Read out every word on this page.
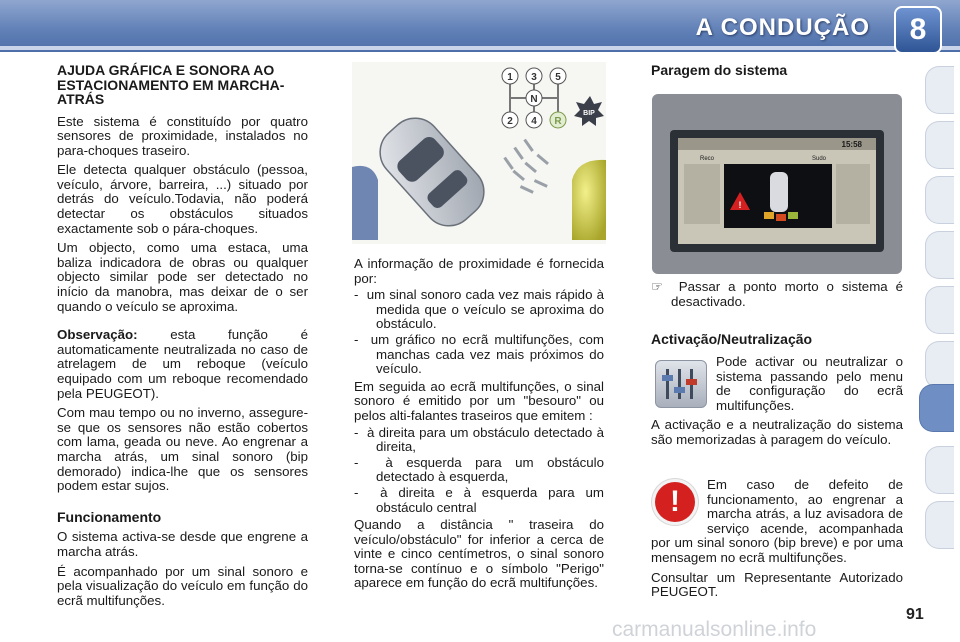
A CONDUÇÃO	8
AJUDA GRÁFICA E SONORA AO ESTACIONAMENTO EM MARCHA-ATRÁS

Este sistema é constituído por quatro sensores de proximidade, instalados no para-choques traseiro.

Ele detecta qualquer obstáculo (pessoa, veículo, árvore, barreira, ...) situado por detrás do veículo.Todavia, não poderá detectar os obstáculos situados exactamente sob o pára-choques.

Um objecto, como uma estaca, uma baliza indicadora de obras ou qualquer objecto similar pode ser detectado no início da manobra, mas deixar de o ser quando o veículo se aproxima.

Observação: esta função é automaticamente neutralizada no caso de atrelagem de um reboque (veículo equipado com um reboque recomendado pela PEUGEOT).

Com mau tempo ou no inverno, assegure-se que os sensores não estão cobertos com lama, geada ou neve. Ao engrenar a marcha atrás, um sinal sonoro (bip demorado) indica-lhe que os sensores podem estar sujos.

Funcionamento

O sistema activa-se desde que engrene a marcha atrás.

É acompanhado por um sinal sonoro e pela visualização do veículo em função do ecrã multifunções.

1 3 5
N
2 4 R
BIP

A informação de proximidade é fornecida por:

-  um sinal sonoro cada vez mais rápido à medida que o veículo se aproxima do obstáculo.
-  um gráfico no ecrã multifunções, com manchas cada vez mais próximos do veículo.

Em seguida ao ecrã multifunções, o sinal sonoro é emitido por um "besouro" ou pelos alti-falantes traseiros que emitem :

-  à direita para um obstáculo detectado à direita,
-  à esquerda para um obstáculo detectado à esquerda,
-  à direita e à esquerda para um obstáculo central

Quando a distância " traseira do veículo/obstáculo" for inferior a cerca de vinte e cinco centímetros, o sinal sonoro torna-se contínuo e o símbolo "Perigo" aparece em função do ecrã multifunções.

Paragem do sistema
15:58
Reco	Sudo
!

☞ Passar a ponto morto o sistema é desactivado.

Activação/Neutralização

Pode activar ou neutralizar o sistema passando pelo menu de configuração do ecrã multifunções.

A activação e a neutralização do sistema são memorizadas à paragem do veículo.

!

Em caso de defeito de funcionamento, ao engrenar a marcha atrás, a luz avisadora de serviço acende, acompanhada por um sinal sonoro (bip breve) e por uma mensagem no ecrã multifunções.

Consultar um Representante Autorizado PEUGEOT.

91
carmanualsonline.info
